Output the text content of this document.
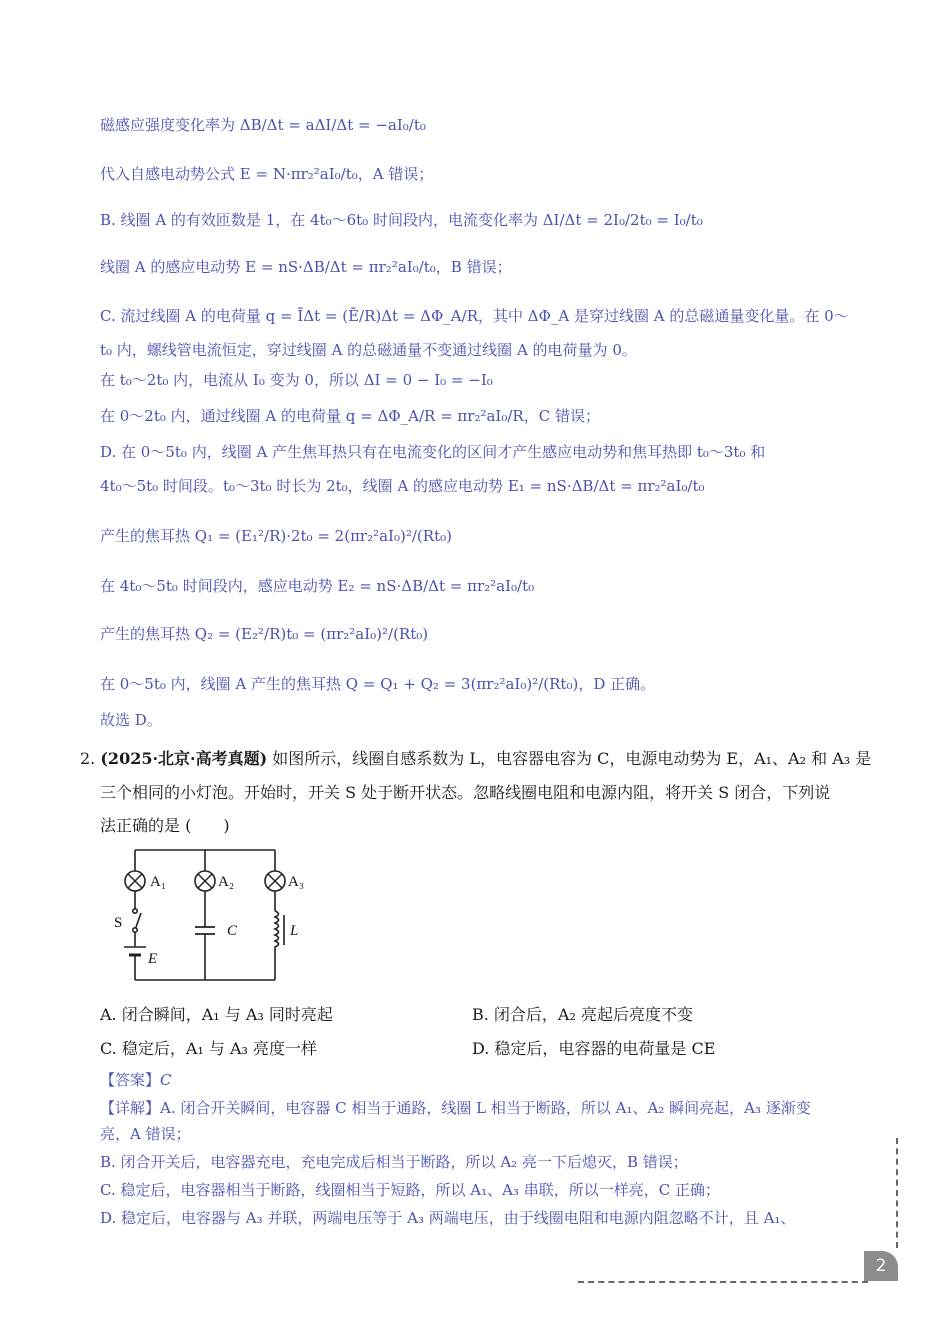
磁感应强度变化率为 ΔB/Δt = aΔI/Δt = −aI₀/t₀
代入自感电动势公式 E = N·πr₂²aI₀/t₀，A 错误；
B. 线圈 A 的有效匝数是 1，在 4t₀～6t₀ 时间段内，电流变化率为 ΔI/Δt = 2I₀/2t₀ = I₀/t₀
线圈 A 的感应电动势 E = nS·ΔB/Δt = πr₂²aI₀/t₀，B 错误；
C. 流过线圈 A 的电荷量 q = ĪΔt = (Ē/R)Δt = ΔΦ_A/R，其中 ΔΦ_A 是穿过线圈 A 的总磁通量变化量。在 0～
t₀ 内，螺线管电流恒定，穿过线圈 A 的总磁通量不变通过线圈 A 的电荷量为 0。
在 t₀～2t₀ 内，电流从 I₀ 变为 0，所以 ΔI = 0 − I₀ = −I₀
在 0～2t₀ 内，通过线圈 A 的电荷量 q = ΔΦ_A/R = πr₂²aI₀/R，C 错误；
D. 在 0～5t₀ 内，线圈 A 产生焦耳热只有在电流变化的区间才产生感应电动势和焦耳热即 t₀～3t₀ 和
4t₀～5t₀ 时间段。t₀～3t₀ 时长为 2t₀，线圈 A 的感应电动势 E₁ = nS·ΔB/Δt = πr₂²aI₀/t₀
产生的焦耳热 Q₁ = (E₁²/R)·2t₀ = 2(πr₂²aI₀)²/(Rt₀)
在 4t₀～5t₀ 时间段内，感应电动势 E₂ = nS·ΔB/Δt = πr₂²aI₀/t₀
产生的焦耳热 Q₂ = (E₂²/R)t₀ = (πr₂²aI₀)²/(Rt₀)
在 0～5t₀ 内，线圈 A 产生的焦耳热 Q = Q₁ + Q₂ = 3(πr₂²aI₀)²/(Rt₀)，D 正确。
故选 D。
2. (2025·北京·高考真题) 如图所示，线圈自感系数为 L，电容器电容为 C，电源电动势为 E，A₁、A₂ 和 A₃ 是
三个相同的小灯泡。开始时，开关 S 处于断开状态。忽略线圈电阻和电源内阻，将开关 S 闭合，下列说
法正确的是 (　　)
A₁	A₂	A₃
S	C	L
E
A. 闭合瞬间，A₁ 与 A₃ 同时亮起	B. 闭合后，A₂ 亮起后亮度不变
C. 稳定后，A₁ 与 A₃ 亮度一样	D. 稳定后，电容器的电荷量是 CE
【答案】C
【详解】A. 闭合开关瞬间，电容器 C 相当于通路，线圈 L 相当于断路，所以 A₁、A₂ 瞬间亮起，A₃ 逐渐变
亮，A 错误；
B. 闭合开关后，电容器充电，充电完成后相当于断路，所以 A₂ 亮一下后熄灭，B 错误；
C. 稳定后，电容器相当于断路，线圈相当于短路，所以 A₁、A₃ 串联，所以一样亮，C 正确；
D. 稳定后，电容器与 A₃ 并联，两端电压等于 A₃ 两端电压，由于线圈电阻和电源内阻忽略不计，且 A₁、
2
